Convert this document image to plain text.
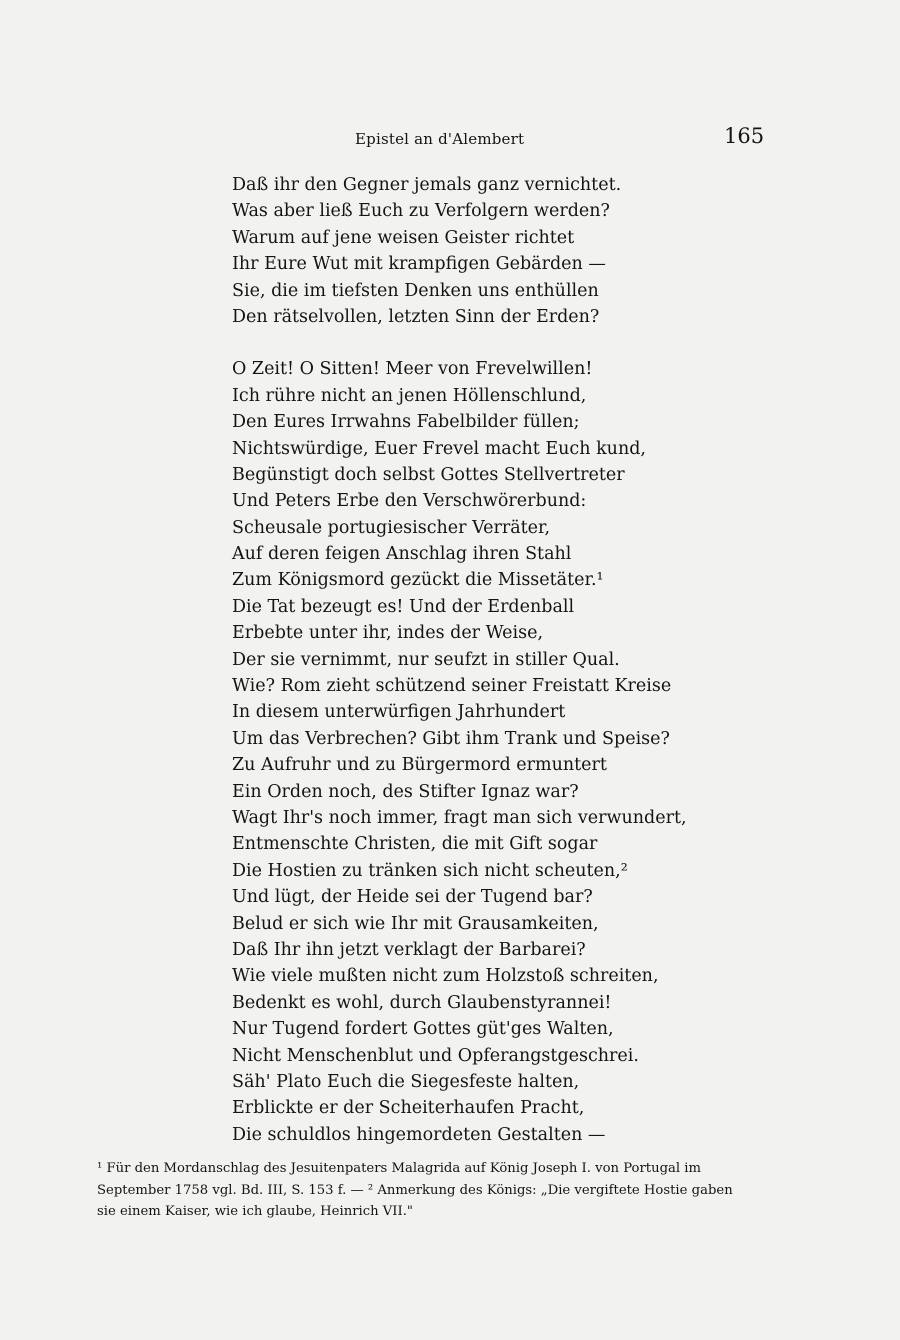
Epistel an d'Alembert	165
Daß ihr den Gegner jemals ganz vernichtet.
Was aber ließ Euch zu Verfolgern werden?
Warum auf jene weisen Geister richtet
Ihr Eure Wut mit krampfigen Gebärden —
Sie, die im tiefsten Denken uns enthüllen
Den rätselvollen, letzten Sinn der Erden?
O Zeit! O Sitten! Meer von Frevelwillen!
Ich rühre nicht an jenen Höllenschlund,
Den Eures Irrwahns Fabelbilder füllen;
Nichtswürdige, Euer Frevel macht Euch kund,
Begünstigt doch selbst Gottes Stellvertreter
Und Peters Erbe den Verschwörerbund:
Scheusale portugiesischer Verräter,
Auf deren feigen Anschlag ihren Stahl
Zum Königsmord gezückt die Missetäter.¹
Die Tat bezeugt es! Und der Erdenball
Erbebte unter ihr, indes der Weise,
Der sie vernimmt, nur seufzt in stiller Qual.
Wie? Rom zieht schützend seiner Freistatt Kreise
In diesem unterwürfigen Jahrhundert
Um das Verbrechen? Gibt ihm Trank und Speise?
Zu Aufruhr und zu Bürgermord ermuntert
Ein Orden noch, des Stifter Ignaz war?
Wagt Ihr's noch immer, fragt man sich verwundert,
Entmenschte Christen, die mit Gift sogar
Die Hostien zu tränken sich nicht scheuten,²
Und lügt, der Heide sei der Tugend bar?
Belud er sich wie Ihr mit Grausamkeiten,
Daß Ihr ihn jetzt verklagt der Barbarei?
Wie viele mußten nicht zum Holzstoß schreiten,
Bedenkt es wohl, durch Glaubenstyrannei!
Nur Tugend fordert Gottes güt'ges Walten,
Nicht Menschenblut und Opferangstgeschrei.
Säh' Plato Euch die Siegesfeste halten,
Erblickte er der Scheiterhaufen Pracht,
Die schuldlos hingemordeten Gestalten —

¹ Für den Mordanschlag des Jesuitenpaters Malagrida auf König Joseph I. von Portugal im

September 1758 vgl. Bd. III, S. 153 f. — ² Anmerkung des Königs: „Die vergiftete Hostie gaben

sie einem Kaiser, wie ich glaube, Heinrich VII."
